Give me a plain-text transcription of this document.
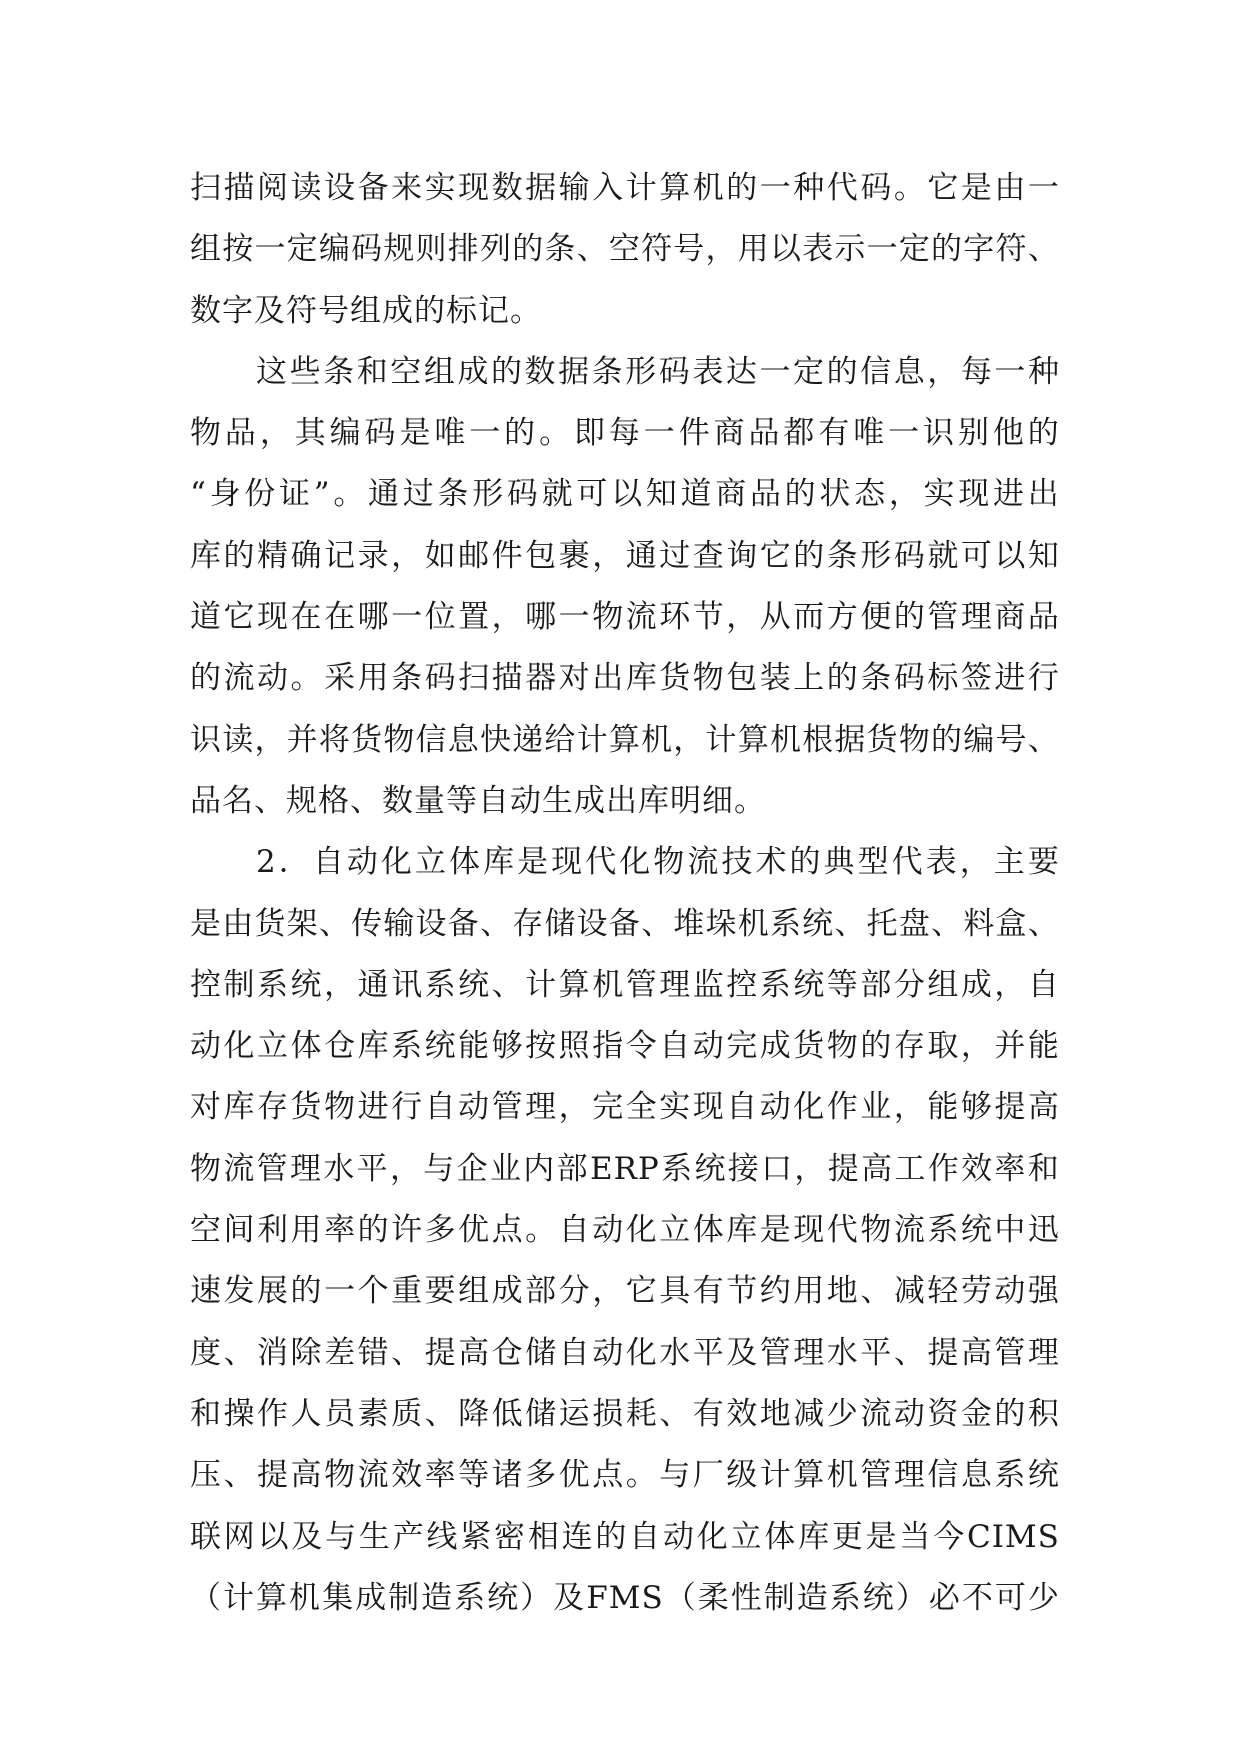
扫 描 阅 读 设 备 来 实 现 数 据 输 入 计 算 机 的 一 种 代 码 。 它 是 由 一
组 按 一 定 编 码 规 则 排 列 的 条 、 空 符 号 ， 用 以 表 示 一 定 的 字 符 、
数字及符号组成的标记。
这 些 条 和 空 组 成 的 数 据 条 形 码 表 达 一 定 的 信 息 ， 每 一 种
物 品 ， 其 编 码 是 唯 一 的 。 即 每 一 件 商 品 都 有 唯 一 识 别 他 的
“ 身 份 证 ” 。 通 过 条 形 码 就 可 以 知 道 商 品 的 状 态 ， 实 现 进 出
库 的 精 确 记 录 ， 如 邮 件 包 裹 ， 通 过 查 询 它 的 条 形 码 就 可 以 知
道 它 现 在 在 哪 一 位 置 ， 哪 一 物 流 环 节 ， 从 而 方 便 的 管 理 商 品
的 流 动 。 采 用 条 码 扫 描 器 对 出 库 货 物 包 装 上 的 条 码 标 签 进 行
识 读 ， 并 将 货 物 信 息 快 递 给 计 算 机 ， 计 算 机 根 据 货 物 的 编 号 、
品名、规格、数量等自动生成出库明细。
2 ． 自 动 化 立 体 库 是 现 代 化 物 流 技 术 的 典 型 代 表 ， 主 要
是 由 货 架 、 传 输 设 备 、 存 储 设 备 、 堆 垛 机 系 统 、 托 盘 、 料 盒 、
控 制 系 统 ， 通 讯 系 统 、 计 算 机 管 理 监 控 系 统 等 部 分 组 成 ， 自
动 化 立 体 仓 库 系 统 能 够 按 照 指 令 自 动 完 成 货 物 的 存 取 ， 并 能
对 库 存 货 物 进 行 自 动 管 理 ， 完 全 实 现 自 动 化 作 业 ， 能 够 提 高
物 流 管 理 水 平 ， 与 企 业 内 部 ERP 系 统 接 口 ， 提 高 工 作 效 率 和
空 间 利 用 率 的 许 多 优 点 。 自 动 化 立 体 库 是 现 代 物 流 系 统 中 迅
速 发 展 的 一 个 重 要 组 成 部 分 ， 它 具 有 节 约 用 地 、 减 轻 劳 动 强
度 、 消 除 差 错 、 提 高 仓 储 自 动 化 水 平 及 管 理 水 平 、 提 高 管 理
和 操 作 人 员 素 质 、 降 低 储 运 损 耗 、 有 效 地 减 少 流 动 资 金 的 积
压 、 提 高 物 流 效 率 等 诸 多 优 点 。 与 厂 级 计 算 机 管 理 信 息 系 统
联 网 以 及 与 生 产 线 紧 密 相 连 的 自 动 化 立 体 库 更 是 当 今 CIMS
（ 计 算 机 集 成 制 造 系 统 ） 及 FMS （ 柔 性 制 造 系 统 ） 必 不 可 少
